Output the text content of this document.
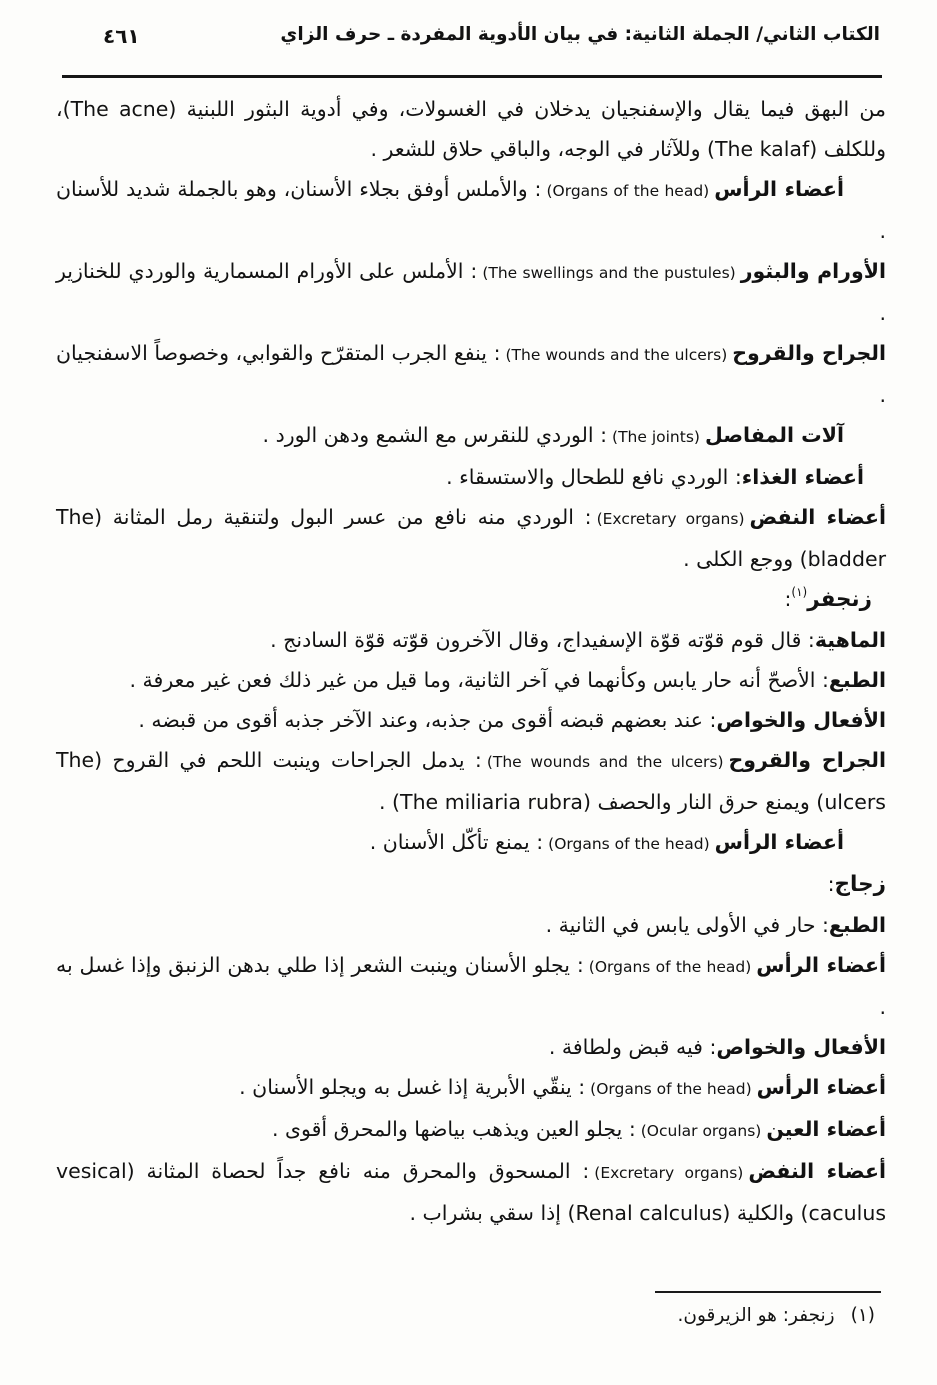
٤٦١	الكتاب الثاني/ الجملة الثانية: في بيان الأدوية المفردة ـ حرف الزاي

من البهق فيما يقال والإسفنجيان يدخلان في الغسولات، وفي أدوية البثور اللبنية (The acne)، وللكلف (The kalaf) وللآثار في الوجه، والباقي حلاق للشعر .

أعضاء الرأس(Organs of the head): والأملس أوفق بجلاء الأسنان، وهو بالجملة شديد للأسنان .

الأورام والبثور(The swellings and the pustules): الأملس على الأورام المسمارية والوردي للخنازير .

الجراح والقروح(The wounds and the ulcers): ينفع الجرب المتقرّح والقوابي، وخصوصاً الاسفنجيان .

آلات المفاصل(The joints): الوردي للنقرس مع الشمع ودهن الورد .

أعضاء الغذاء: الوردي نافع للطحال والاستسقاء .

أعضاء النفض(Excretary organs): الوردي منه نافع من عسر البول ولتنقية رمل المثانة (The bladder) ووجع الكلى .

زنجفر$^{(١)}$:

الماهية: قال قوم قوّته قوّة الإسفيداج، وقال الآخرون قوّته قوّة السادنج .

الطبع: الأصحّ أنه حار يابس وكأنهما في آخر الثانية، وما قيل من غير ذلك فعن غير معرفة .

الأفعال والخواص: عند بعضهم قبضه أقوى من جذبه، وعند الآخر جذبه أقوى من قبضه .

الجراح والقروح(The wounds and the ulcers): يدمل الجراحات وينبت اللحم في القروح (The ulcers) ويمنع حرق النار والحصف (The miliaria rubra) .

أعضاء الرأس(Organs of the head): يمنع تأكّل الأسنان .

زجاج:

الطبع: حار في الأولى يابس في الثانية .

أعضاء الرأس(Organs of the head): يجلو الأسنان وينبت الشعر إذا طلي بدهن الزنبق وإذا غسل به .

الأفعال والخواص: فيه قبض ولطافة .

أعضاء الرأس(Organs of the head): ينقّي الأبرية إذا غسل به ويجلو الأسنان .

أعضاء العين(Ocular organs): يجلو العين ويذهب بياضها والمحرق أقوى .

أعضاء النفض(Excretary organs): المسحوق والمحرق منه نافع جداً لحصاة المثانة (vesical caculus) والكلية (Renal calculus) إذا سقي بشراب .

(١)زنجفر: هو الزيرقون.
